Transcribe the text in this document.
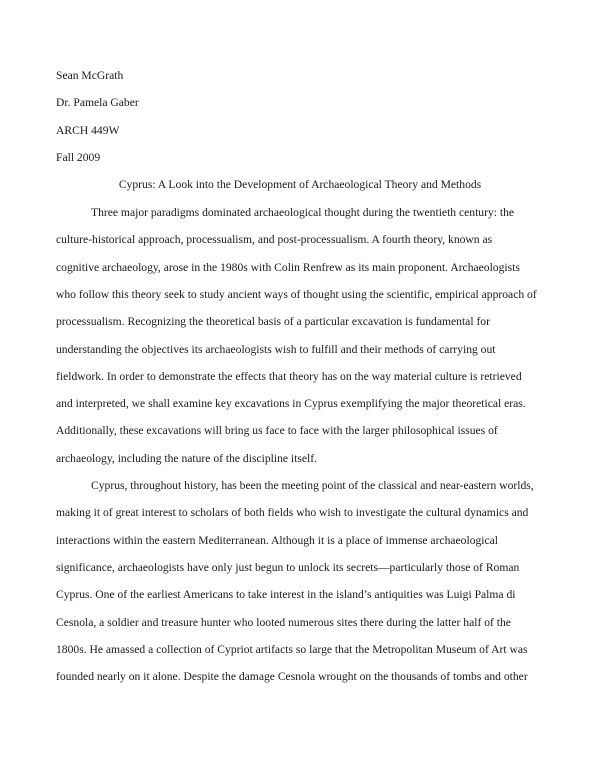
Sean McGrath
Dr. Pamela Gaber
ARCH 449W
Fall 2009
Cyprus: A Look into the Development of Archaeological Theory and Methods
Three major paradigms dominated archaeological thought during the twentieth century: the
culture-historical approach, processualism, and post-processualism. A fourth theory, known as
cognitive archaeology, arose in the 1980s with Colin Renfrew as its main proponent. Archaeologists
who follow this theory seek to study ancient ways of thought using the scientific, empirical approach of
processualism. Recognizing the theoretical basis of a particular excavation is fundamental for
understanding the objectives its archaeologists wish to fulfill and their methods of carrying out
fieldwork. In order to demonstrate the effects that theory has on the way material culture is retrieved
and interpreted, we shall examine key excavations in Cyprus exemplifying the major theoretical eras.
Additionally, these excavations will bring us face to face with the larger philosophical issues of
archaeology, including the nature of the discipline itself.
Cyprus, throughout history, has been the meeting point of the classical and near-eastern worlds,
making it of great interest to scholars of both fields who wish to investigate the cultural dynamics and
interactions within the eastern Mediterranean. Although it is a place of immense archaeological
significance, archaeologists have only just begun to unlock its secrets—particularly those of Roman
Cyprus. One of the earliest Americans to take interest in the island’s antiquities was Luigi Palma di
Cesnola, a soldier and treasure hunter who looted numerous sites there during the latter half of the
1800s. He amassed a collection of Cypriot artifacts so large that the Metropolitan Museum of Art was
founded nearly on it alone. Despite the damage Cesnola wrought on the thousands of tombs and other
